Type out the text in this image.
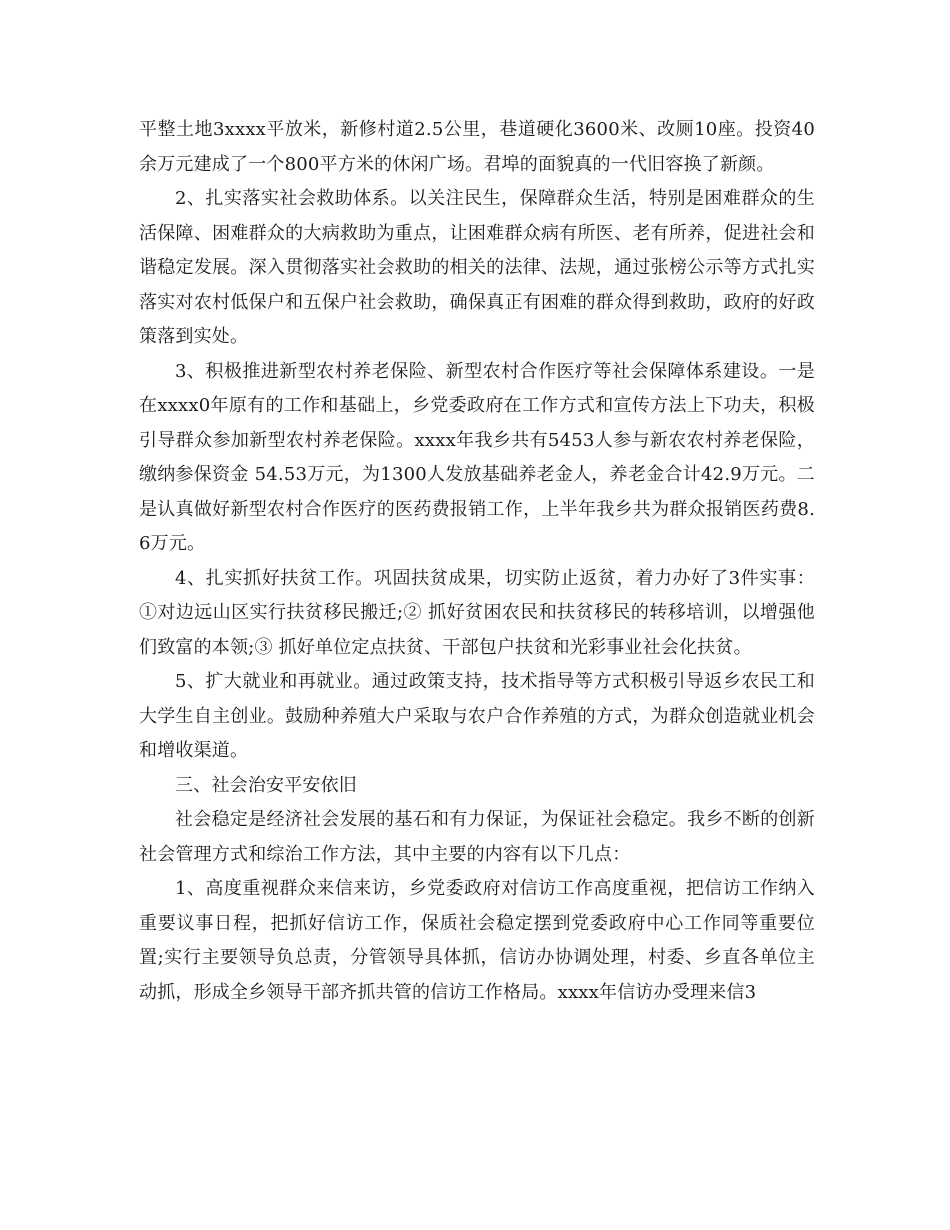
平整土地3xxxx平放米，新修村道2.5公里，巷道硬化3600米、改厕10座。投资40余万元建成了一个800平方米的休闲广场。君埠的面貌真的一代旧容换了新颜。

2、扎实落实社会救助体系。以关注民生，保障群众生活，特别是困难群众的生活保障、困难群众的大病救助为重点，让困难群众病有所医、老有所养，促进社会和谐稳定发展。深入贯彻落实社会救助的相关的法律、法规，通过张榜公示等方式扎实落实对农村低保户和五保户社会救助，确保真正有困难的群众得到救助，政府的好政策落到实处。

3、积极推进新型农村养老保险、新型农村合作医疗等社会保障体系建设。一是在xxxx0年原有的工作和基础上，乡党委政府在工作方式和宣传方法上下功夫，积极引导群众参加新型农村养老保险。xxxx年我乡共有5453人参与新农农村养老保险，缴纳参保资金 54.53万元，为1300人发放基础养老金人，养老金合计42.9万元。二是认真做好新型农村合作医疗的医药费报销工作，上半年我乡共为群众报销医药费8.6万元。

4、扎实抓好扶贫工作。巩固扶贫成果，切实防止返贫，着力办好了3件实事：①对边远山区实行扶贫移民搬迁;② 抓好贫困农民和扶贫移民的转移培训，以增强他们致富的本领;③ 抓好单位定点扶贫、干部包户扶贫和光彩事业社会化扶贫。

5、扩大就业和再就业。通过政策支持，技术指导等方式积极引导返乡农民工和大学生自主创业。鼓励种养殖大户采取与农户合作养殖的方式，为群众创造就业机会和增收渠道。

三、社会治安平安依旧

社会稳定是经济社会发展的基石和有力保证，为保证社会稳定。我乡不断的创新社会管理方式和综治工作方法，其中主要的内容有以下几点：

1、高度重视群众来信来访，乡党委政府对信访工作高度重视，把信访工作纳入重要议事日程，把抓好信访工作，保质社会稳定摆到党委政府中心工作同等重要位置;实行主要领导负总责，分管领导具体抓，信访办协调处理，村委、乡直各单位主动抓，形成全乡领导干部齐抓共管的信访工作格局。xxxx年信访办受理来信3
